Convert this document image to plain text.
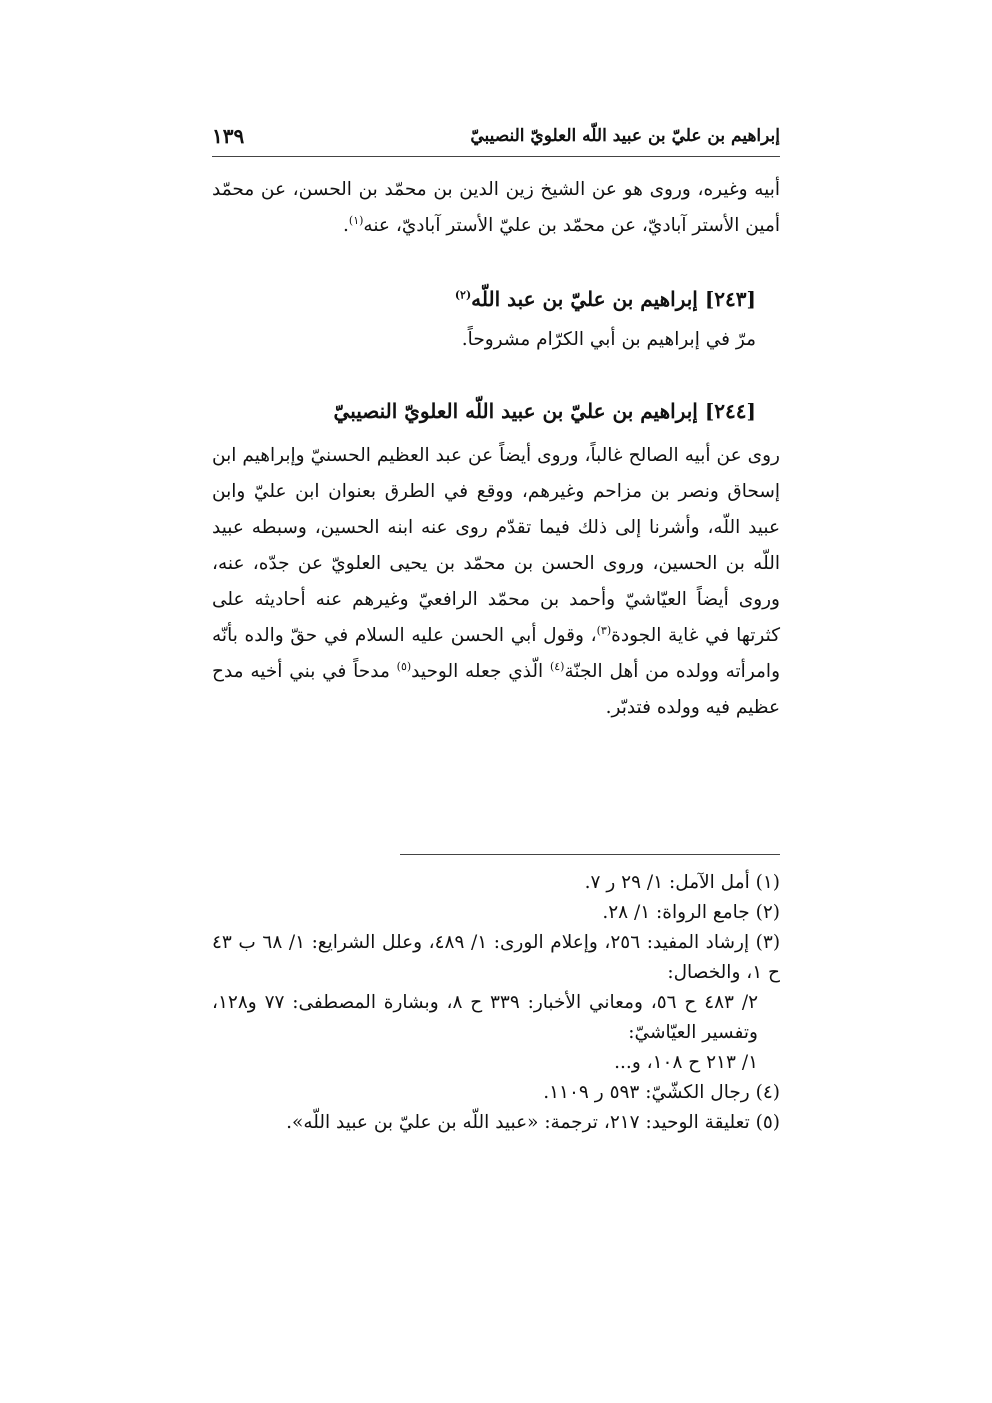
إبراهيم بن عليّ بن عبيد اللّه العلويّ النصيبيّ
١٣٩

أبيه وغيره، وروى هو عن الشيخ زين الدين بن محمّد بن الحسن، عن محمّد أمين الأستر آباديّ، عن محمّد بن عليّ الأستر آباديّ، عنه$^{(١)}$.

[٢٤٣] إبراهيم بن عليّ بن عبد اللّه$^{(٢)}$

مرّ في إبراهيم بن أبي الكرّام مشروحاً.

[٢٤٤] إبراهيم بن عليّ بن عبيد اللّه العلويّ النصيبيّ

روى عن أبيه الصالح غالباً، وروى أيضاً عن عبد العظيم الحسنيّ وإبراهيم ابن إسحاق ونصر بن مزاحم وغيرهم، ووقع في الطرق بعنوان ابن عليّ وابن عبيد اللّه، وأشرنا إلى ذلك فيما تقدّم روى عنه ابنه الحسين، وسبطه عبيد اللّه بن الحسين، وروى الحسن بن محمّد بن يحيى العلويّ عن جدّه، عنه، وروى أيضاً العيّاشيّ وأحمد بن محمّد الرافعيّ وغيرهم عنه أحاديثه على كثرتها في غاية الجودة$^{(٣)}$، وقول أبي الحسن عليه السلام في حقّ والده بأنّه وامرأته وولده من أهل الجنّة$^{(٤)}$ الّذي جعله الوحيد$^{(٥)}$ مدحاً في بني أخيه مدح عظيم فيه وولده فتدبّر.

(١) أمل الآمل: ١/ ٢٩ ر ٧.

(٢) جامع الرواة: ١/ ٢٨.

(٣) إرشاد المفيد: ٢٥٦، وإعلام الورى: ١/ ٤٨٩، وعلل الشرايع: ١/ ٦٨ ب ٤٣ ح ١، والخصال:

٢/ ٤٨٣ ح ٥٦، ومعاني الأخبار: ٣٣٩ ح ٨، وبشارة المصطفى: ٧٧ و١٢٨، وتفسير العيّاشيّ:

١/ ٢١٣ ح ١٠٨، و...

(٤) رجال الكشّيّ: ٥٩٣ ر ١١٠٩.

(٥) تعليقة الوحيد: ٢١٧، ترجمة: «عبيد اللّه بن عليّ بن عبيد اللّه».
